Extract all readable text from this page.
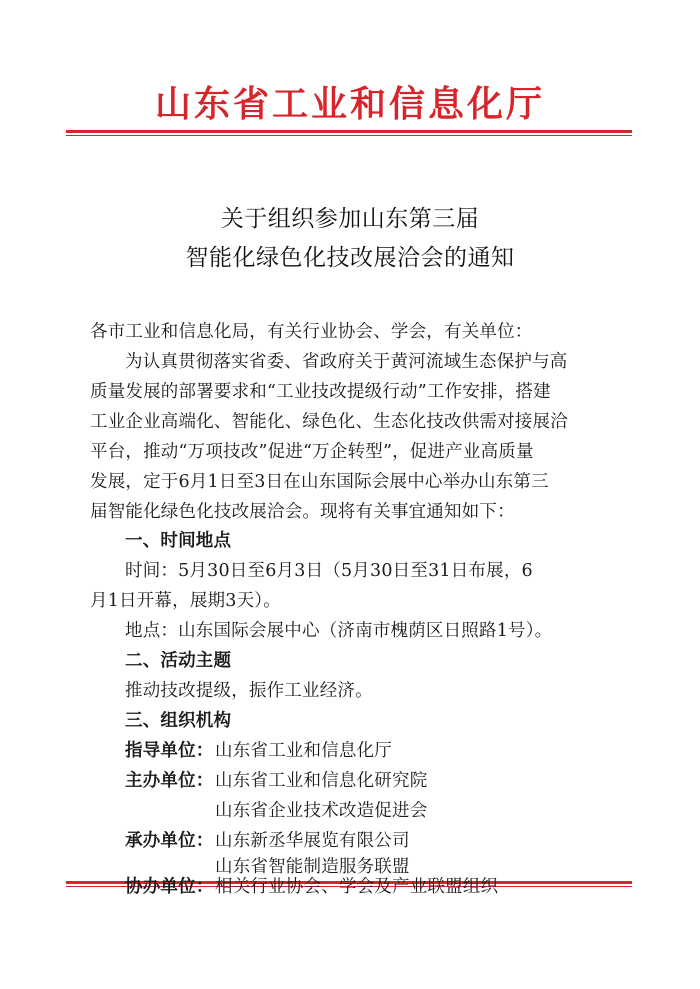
山东省工业和信息化厅
关于组织参加山东第三届
智能化绿色化技改展洽会的通知
各市工业和信息化局，有关行业协会、学会，有关单位：
为认真贯彻落实省委、省政府关于黄河流域生态保护与高
质量发展的部署要求和“工业技改提级行动”工作安排，搭建
工业企业高端化、智能化、绿色化、生态化技改供需对接展洽
平台，推动“万项技改”促进“万企转型”，促进产业高质量
发展，定于6月1日至3日在山东国际会展中心举办山东第三
届智能化绿色化技改展洽会。现将有关事宜通知如下：
一、时间地点
时间：5月30日至6月3日（5月30日至31日布展，6
月1日开幕，展期3天）。
地点：山东国际会展中心（济南市槐荫区日照路1号）。
二、活动主题
推动技改提级，振作工业经济。
三、组织机构
指导单位： 山东省工业和信息化厅
主办单位： 山东省工业和信息化研究院
山东省企业技术改造促进会
承办单位： 山东新丞华展览有限公司
山东省智能制造服务联盟
协办单位： 相关行业协会、学会及产业联盟组织
